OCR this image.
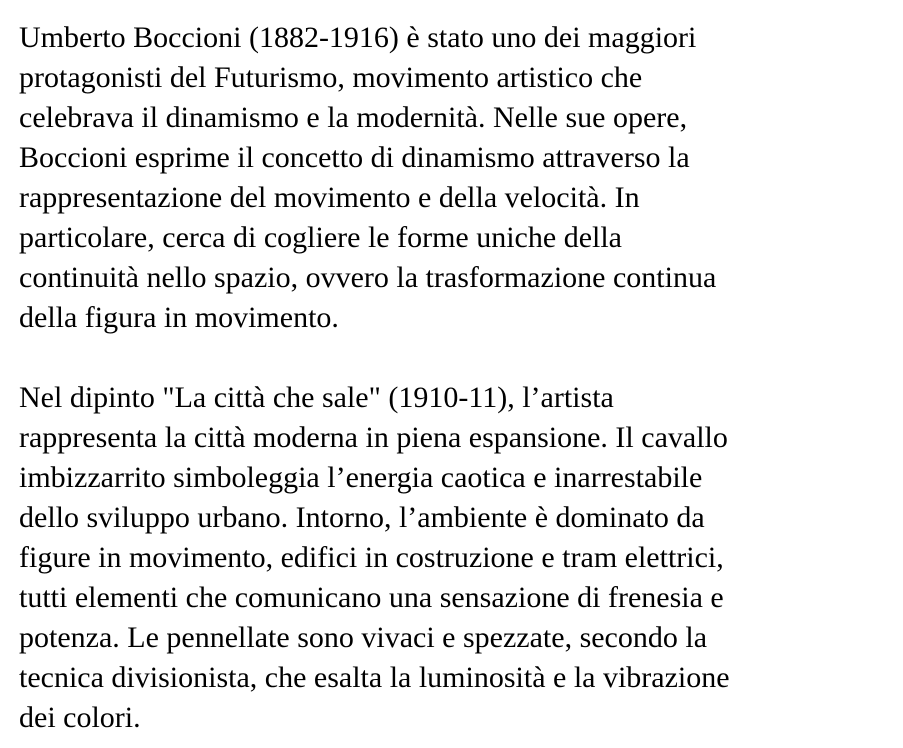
Umberto Boccioni (1882-1916) è stato uno dei maggiori
protagonisti del Futurismo, movimento artistico che
celebrava il dinamismo e la modernità. Nelle sue opere,
Boccioni esprime il concetto di dinamismo attraverso la
rappresentazione del movimento e della velocità. In
particolare, cerca di cogliere le forme uniche della
continuità nello spazio, ovvero la trasformazione continua
della figura in movimento.

Nel dipinto "La città che sale" (1910-11), l’artista
rappresenta la città moderna in piena espansione. Il cavallo
imbizzarrito simboleggia l’energia caotica e inarrestabile
dello sviluppo urbano. Intorno, l’ambiente è dominato da
figure in movimento, edifici in costruzione e tram elettrici,
tutti elementi che comunicano una sensazione di frenesia e
potenza. Le pennellate sono vivaci e spezzate, secondo la
tecnica divisionista, che esalta la luminosità e la vibrazione
dei colori.
